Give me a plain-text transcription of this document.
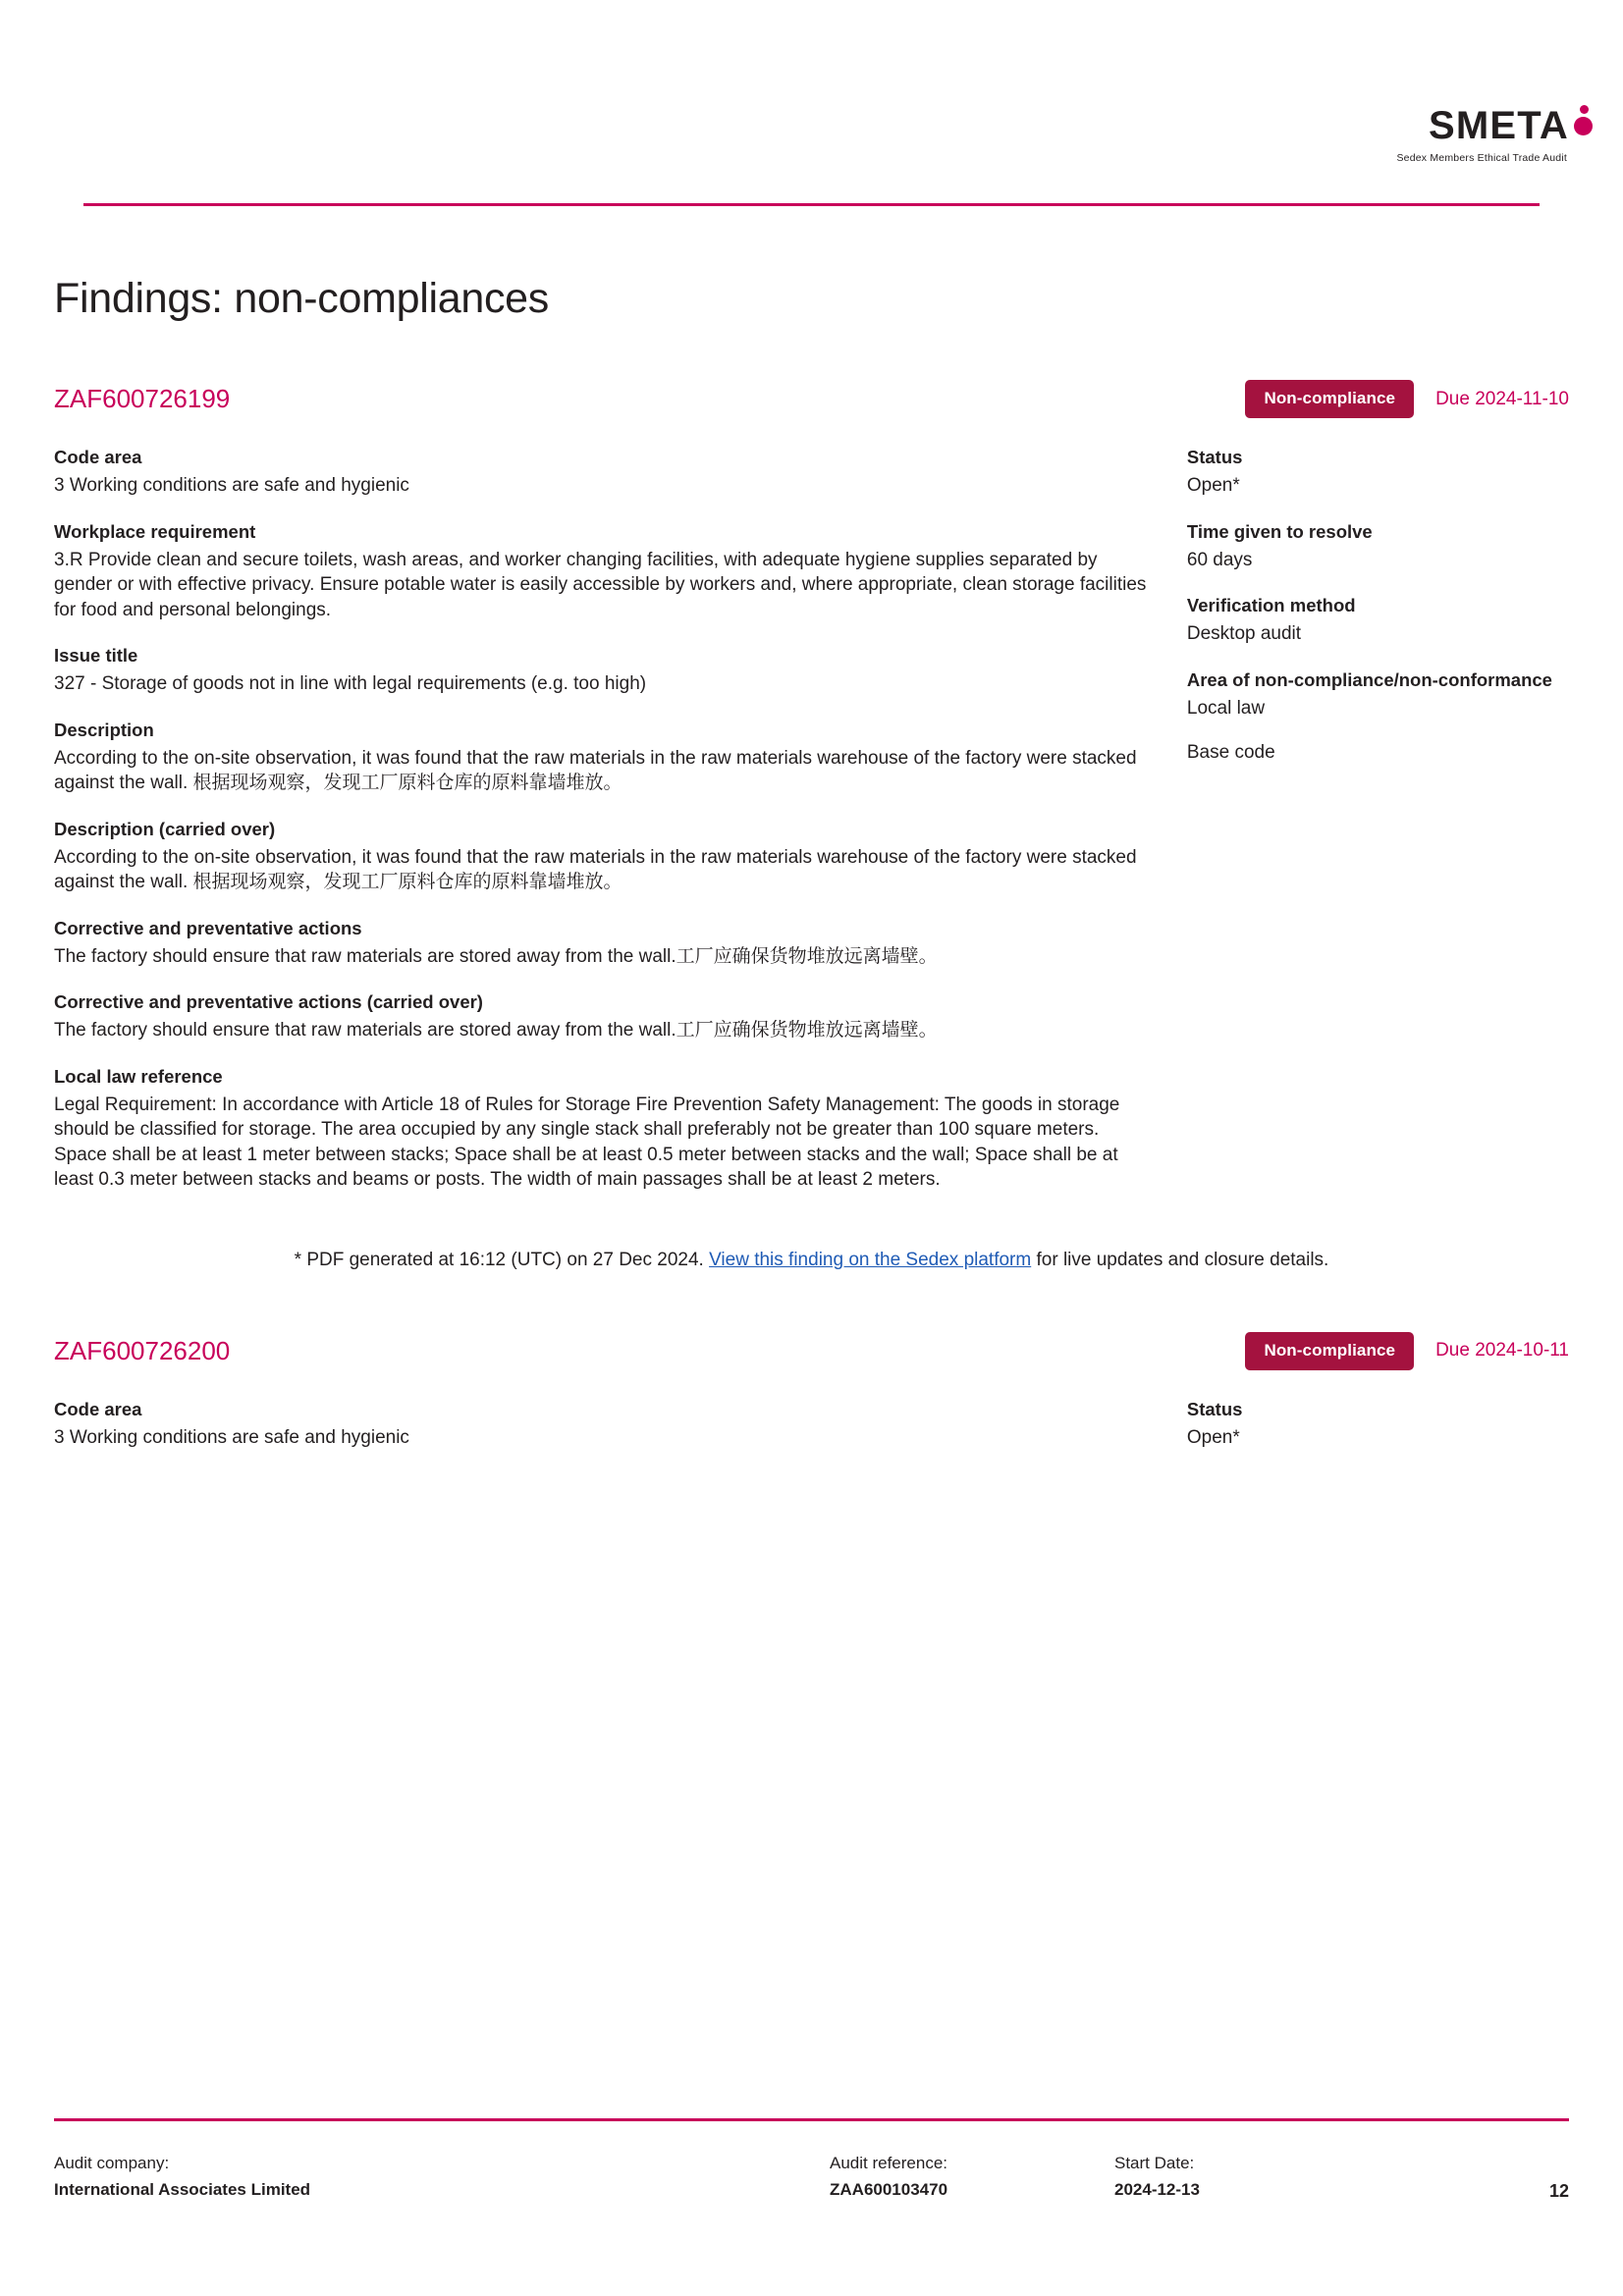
SMETA
Sedex Members Ethical Trade Audit
Findings: non-compliances
ZAF600726199	Non-compliance	Due 2024-11-10
Code area
3 Working conditions are safe and hygienic
Workplace requirement
3.R Provide clean and secure toilets, wash areas, and worker changing facilities, with adequate hygiene supplies separated by gender or with effective privacy. Ensure potable water is easily accessible by workers and, where appropriate, clean storage facilities for food and personal belongings.
Issue title
327 - Storage of goods not in line with legal requirements (e.g. too high)
Description
According to the on-site observation, it was found that the raw materials in the raw materials warehouse of the factory were stacked against the wall. 根据现场观察，发现工厂原料仓库的原料靠墙堆放。
Description (carried over)
According to the on-site observation, it was found that the raw materials in the raw materials warehouse of the factory were stacked against the wall. 根据现场观察，发现工厂原料仓库的原料靠墙堆放。
Corrective and preventative actions
The factory should ensure that raw materials are stored away from the wall.工厂应确保货物堆放远离墙壁。
Corrective and preventative actions (carried over)
The factory should ensure that raw materials are stored away from the wall.工厂应确保货物堆放远离墙壁。
Local law reference
Legal Requirement: In accordance with Article 18 of Rules for Storage Fire Prevention Safety Management: The goods in storage should be classified for storage. The area occupied by any single stack shall preferably not be greater than 100 square meters. Space shall be at least 1 meter between stacks; Space shall be at least 0.5 meter between stacks and the wall; Space shall be at least 0.3 meter between stacks and beams or posts. The width of main passages shall be at least 2 meters.
Status
Open*
Time given to resolve
60 days
Verification method
Desktop audit
Area of non-compliance/non-conformance
Local law
Base code
* PDF generated at 16:12 (UTC) on 27 Dec 2024. View this finding on the Sedex platform for live updates and closure details.
ZAF600726200	Non-compliance	Due 2024-10-11
Code area
3 Working conditions are safe and hygienic
Status
Open*
Audit company:
International Associates Limited
Audit reference:
ZAA600103470
Start Date:
2024-12-13	12
